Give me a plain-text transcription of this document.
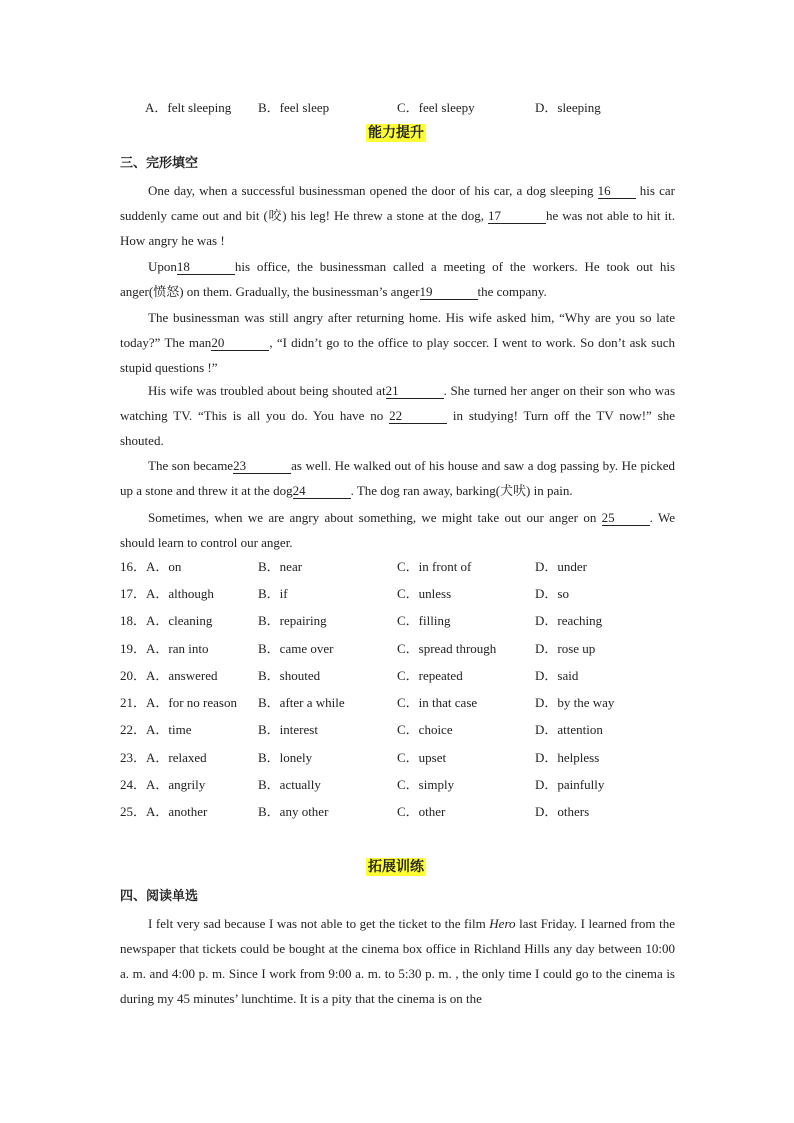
A．felt sleeping B．feel sleep	C．feel sleepy	D．sleeping
能力提升
三、完形填空
One day, when a successful businessman opened the door of his car, a dog sleeping 16 his car suddenly came out and bit (咬) his leg! He threw a stone at the dog, 17	he was not able to hit it. How angry he was !
Upon18	his office, the businessman called a meeting of the workers. He took out his anger(愤怒) on them. Gradually, the businessman’s anger19	the company.
The businessman was still angry after returning home. His wife asked him, “Why are you so late today?” The man20	, “I didn’t go to the office to play soccer. I went to work. So don’t ask such stupid questions !”
His wife was troubled about being shouted at21	. She turned her anger on their son who was watching TV. “This is all you do. You have no 22	in studying! Turn off the TV now!” she shouted.
The son became23	as well. He walked out of his house and saw a dog passing by. He picked up a stone and threw it at the dog24	. The dog ran away, barking(犬吠) in pain.
Sometimes, when we are angry about something, we might take out our anger on 25	. We should learn to control our anger.
16．A．on	B．near	C．in front of	D．under
17．A．although	B．if	C．unless	D．so
18．A．cleaning	B．repairing	C．filling	D．reaching
19．A．ran into	B．came over	C．spread through	D．rose up
20．A．answered	B．shouted	C．repeated	D．said
21．A．for no reason B．after a while	C．in that case	D．by the way
22．A．time	B．interest	C．choice	D．attention
23．A．relaxed	B．lonely	C．upset	D．helpless
24．A．angrily	B．actually	C．simply	D．painfully
25．A．another	B．any other	C．other	D．others
拓展训练
四、阅读单选
I felt very sad because I was not able to get the ticket to the film Hero last Friday. I learned from the newspaper that tickets could be bought at the cinema box office in Richland Hills any day between 10:00 a. m. and 4:00 p. m. Since I work from 9:00 a. m. to 5:30 p. m. , the only time I could go to the cinema is during my 45 minutes’ lunchtime. It is a pity that the cinema is on the
